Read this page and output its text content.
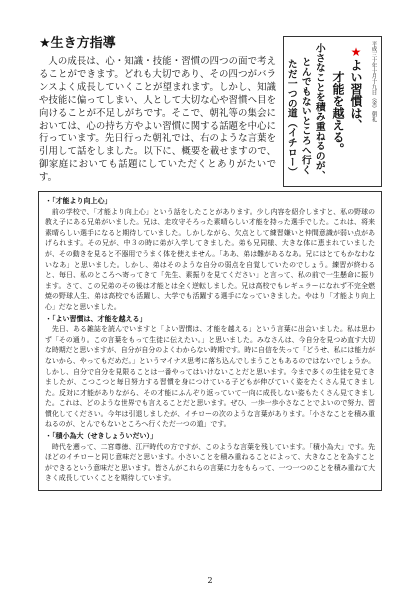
★生き方指導
人の成長は、心・知識・技能・習慣の四つの面で考えることができます。どれも大切であり、その四つがバランスよく成長していくことが望まれます。しかし、知識や技能に偏ってしまい、人として大切な心や習慣へ目を向けることが不足しがちです。そこで、朝礼等の集会においては、心の持ち方やよい習慣に関する話題を中心に行っています。先日行った朝礼では、右のような言葉を引用して話をしました。以下に、概要を載せますので、御家庭においても話題にしていただくとありがたいです。
平成三十年十月十九日（金）朝礼
★よい習慣は、
才能を越える。
小さなことを積み重ねるのが、
とんでもないところへ行く
ただ一つの道（イチロー）
・「才能より向上心」
前の学校で、「才能より向上心」という話をしたことがあります。少し内容を紹介しますと、私の野球の教え子にある兄弟がいました。兄は、走攻守そろった素晴らしい才能を持った選手でした。これは、将来素晴らしい選手になると期待していました。しかしながら、欠点として練習嫌いと仲間意識が弱い点があげられます。その兄が、中３の時に弟が入学してきました。弟も兄同様、大きな体に恵まれていましたが、その動きを見ると不器用でうまく体を使えません。「ああ、弟は難があるなあ。兄にはとてもかなわないなあ」と思いました。しかし、弟はそのような自分の弱点を自覚していたのでしょう。練習が終わると、毎日、私のところへ寄ってきて「先生、素振りを見てください」と言って、私の前で一生懸命に振ります。さて、この兄弟のその後は才能とは全く逆転しました。兄は高校でもレギュラーになれず不完全燃焼の野球人生、弟は高校でも活躍し、大学でも活躍する選手になっていきました。やはり「才能より向上心」だなと思いました。
・「よい習慣は、才能を越える」
先日、ある雑誌を読んでいますと「よい習慣は、才能を越える」という言葉に出会いました。私は思わず「その通り。この言葉をもって生徒に伝えたい。」と思いました。みなさんは、今自分を見つめ直す大切な時期だと思いますが、自分が自分のよくわからない時期です。時に自信を失って「どうせ、私には能力がないから、やってもだめだ。」というマイナス思考に落ち込んでしまうこともあるのではないでしょうか。しかし、自分で自分を見限ることは一番やってはいけないことだと思います。今まで多くの生徒を見てきましたが、こつこつと毎日努力する習慣を身につけている子どもが伸びていく姿をたくさん見てきました。反対に才能がありながら、その才能にふんぞり返っていて一向に成長しない姿もたくさん見てきました。これは、どのような世界でも言えることだと思います。ぜひ、一歩一歩小さなことでよいので努力、習慣化してください。今年は引退しましたが、イチローの次のような言葉があります。「小さなことを積み重ねるのが、とんでもないところへ行くただ一つの道」です。
・「積小為大（せきしょういだい）」
時代を遡って、二宮尊徳、江戸時代の方ですが、このような言葉を残しています。「積小為大」です。先ほどのイチローと同じ意味だと思います。小さいことを積み重ねることによって、大きなことを為すことができるという意味だと思います。皆さんがこれらの言葉に力をもらって、一つ一つのことを積み重ねて大きく成長していくことを期待しています。
2
